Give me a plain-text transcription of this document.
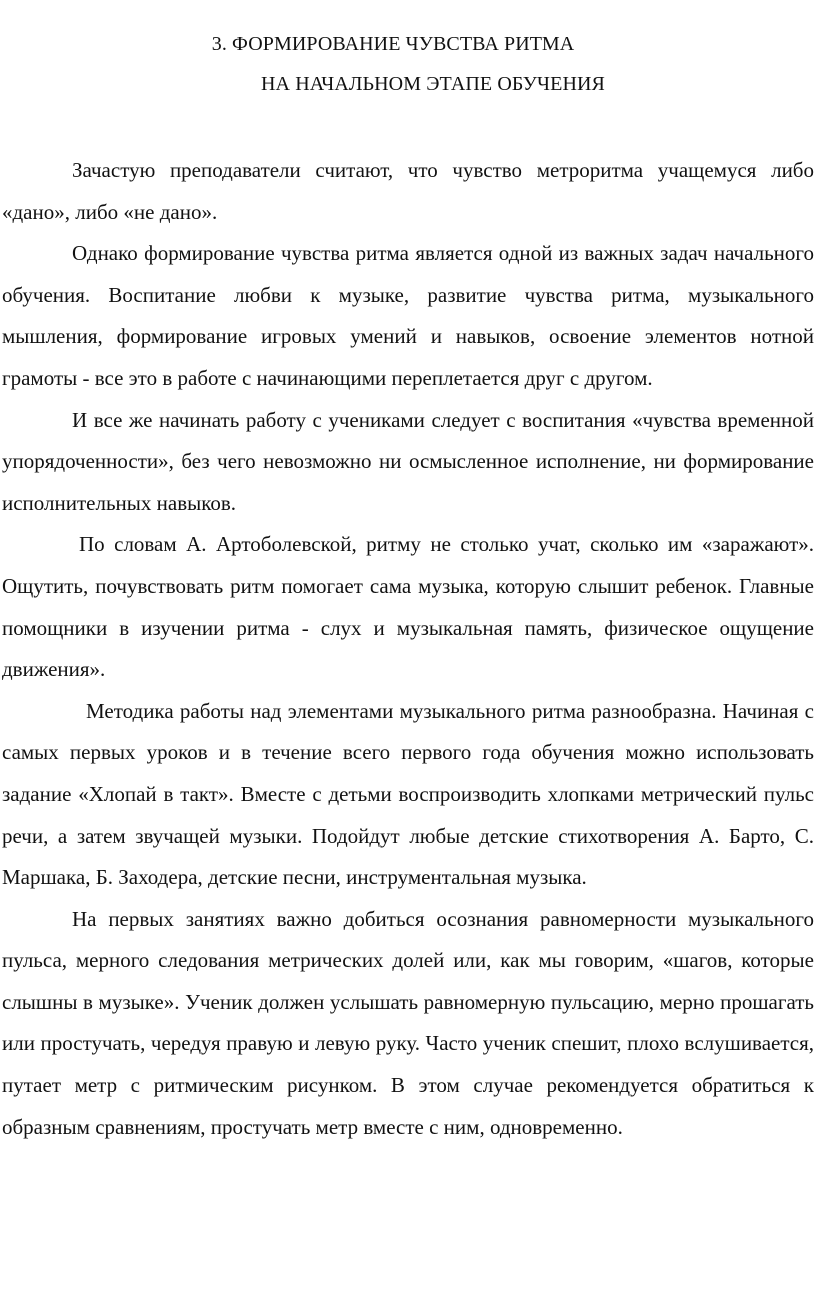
3. ФОРМИРОВАНИЕ ЧУВСТВА РИТМА
НА НАЧАЛЬНОМ ЭТАПЕ ОБУЧЕНИЯ

Зачастую преподаватели считают, что чувство метроритма учащемуся либо «дано», либо «не дано».

Однако формирование чувства ритма является одной из важных задач начального обучения. Воспитание любви к музыке, развитие чувства ритма, музыкального мышления, формирование игровых умений и навыков, освоение элементов нотной грамоты - все это в работе с начинающими переплетается друг с другом.

И все же начинать работу с учениками следует с воспитания «чувства временной упорядоченности», без чего невозможно ни осмысленное исполнение, ни формирование исполнительных навыков.

По словам А. Артоболевской, ритму не столько учат, сколько им «заражают». Ощутить, почувствовать ритм помогает сама музыка, которую слышит ребенок. Главные помощники в изучении ритма - слух и музыкальная память, физическое ощущение движения».

Методика работы над элементами музыкального ритма разнообразна. Начиная с самых первых уроков и в течение всего первого года обучения можно использовать задание «Хлопай в такт». Вместе с детьми воспроизводить хлопками метрический пульс речи, а затем звучащей музыки. Подойдут любые детские стихотворения А. Барто, С. Маршака, Б. Заходера, детские песни, инструментальная музыка.

На первых занятиях важно добиться осознания равномерности музыкального пульса, мерного следования метрических долей или, как мы говорим, «шагов, которые слышны в музыке». Ученик должен услышать равномерную пульсацию, мерно прошагать или простучать, чередуя правую и левую руку. Часто ученик спешит, плохо вслушивается, путает метр с ритмическим рисунком. В этом случае рекомендуется обратиться к образным сравнениям, простучать метр вместе с ним, одновременно.
